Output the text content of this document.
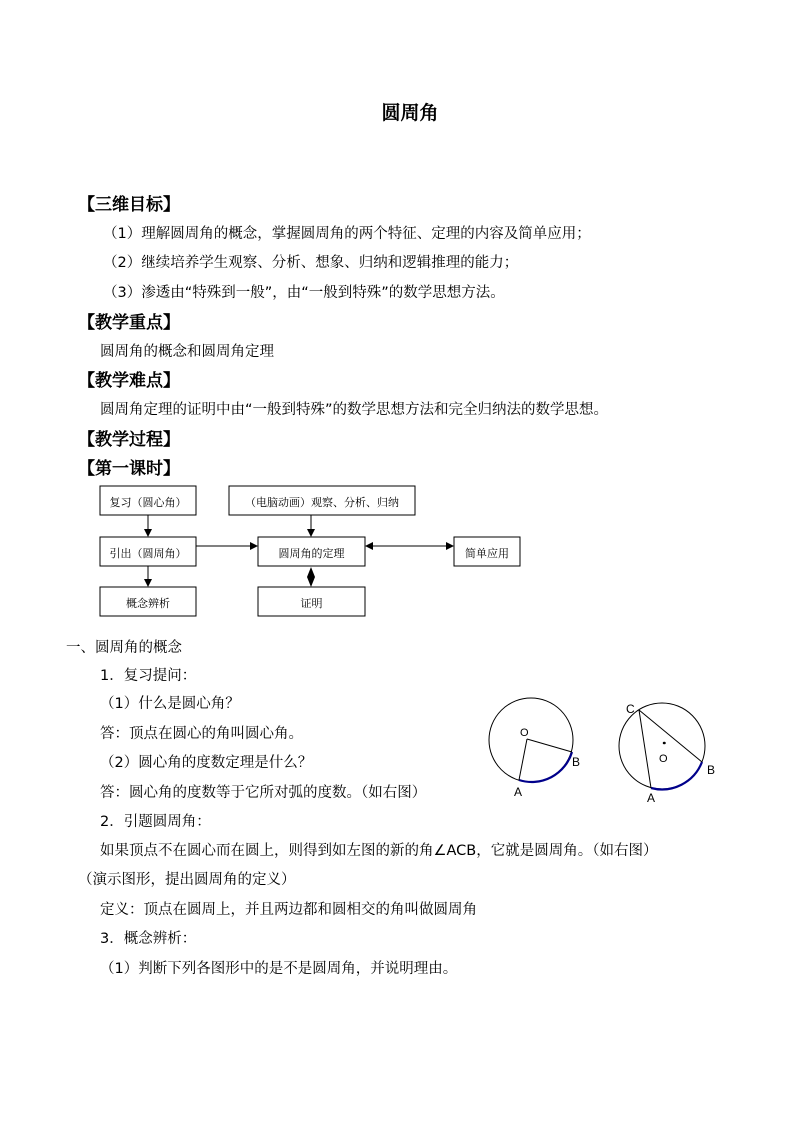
圆周角
【三维目标】
（1）理解圆周角的概念，掌握圆周角的两个特征、定理的内容及简单应用；
（2）继续培养学生观察、分析、想象、归纳和逻辑推理的能力；
（3）渗透由“特殊到一般”，由“一般到特殊”的数学思想方法。
【教学重点】
圆周角的概念和圆周角定理
【教学难点】
圆周角定理的证明中由“一般到特殊”的数学思想方法和完全归纳法的数学思想。
【教学过程】
【第一课时】
复习（圆心角）	（电脑动画）观察、分析、归纳
引出（圆周角）	圆周角的定理	简单应用
概念辨析	证明
一、圆周角的概念
1．复习提问：
（1）什么是圆心角？
答：顶点在圆心的角叫圆心角。
（2）圆心角的度数定理是什么？
答：圆心角的度数等于它所对弧的度数。（如右图）
2．引题圆周角：
如果顶点不在圆心而在圆上，则得到如左图的新的角∠ACB，它就是圆周角。（如右图）
（演示图形，提出圆周角的定义）
定义：顶点在圆周上，并且两边都和圆相交的角叫做圆周角
3．概念辨析：
（1）判断下列各图形中的是不是圆周角，并说明理由。
O
A
B
C
O
A
B
